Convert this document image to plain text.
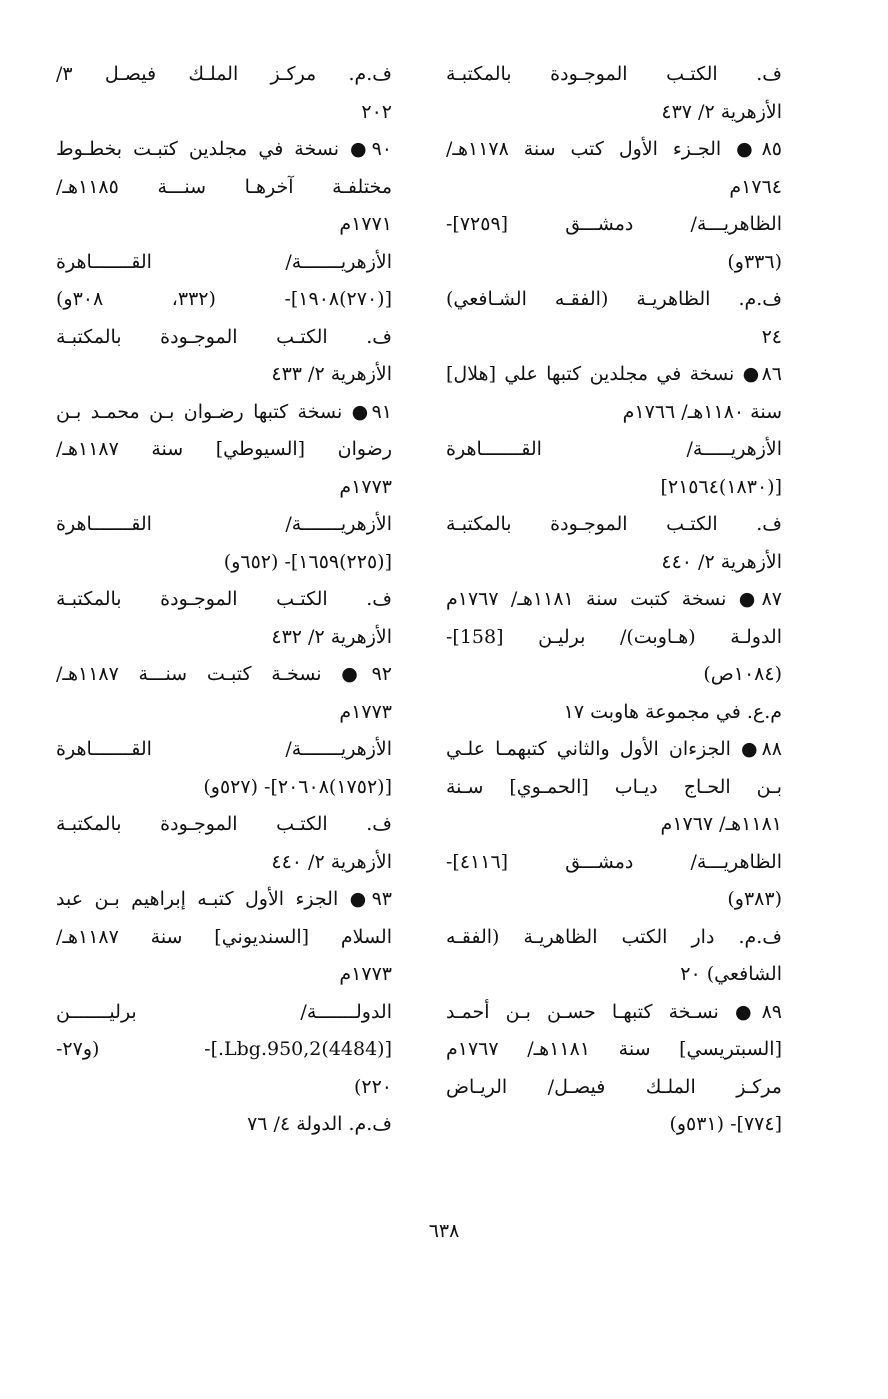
ف. الكتـب الموجـودة بالمكتبـة
الأزهرية ٢/ ٤٣٧
٨٥● الجـزء الأول كتب سنة ١١٧٨هـ/
١٧٦٤م
الظاهريـــة/ دمشـــق [٧٢٥٩]-
(٣٣٦و)
ف.م. الظاهريـة (الفقـه الشـافعي)
٢٤
٨٦● نسخة في مجلدين كتبها علي [هلال]
سنة ١١٨٠هـ/ ١٧٦٦م
الأزهريـــــة/ القـــــــاهرة
[(١٨٣٠)٢١٥٦٤]
ف. الكتـب الموجـودة بالمكتبـة
الأزهرية ٢/ ٤٤٠
٨٧● نسخة كتبت سنة ١١٨١هـ/ ١٧٦٧م
الدولـة (هـاوبت)/ برليـن [158]-
(١٠٨٤ص)
م.ع. في مجموعة هاوبت ١٧
٨٨● الجزءان الأول والثاني كتبهمـا علـي
بـن الحـاج ديـاب [الحمـوي] سـنة
١١٨١هـ/ ١٧٦٧م
الظاهريـــة/ دمشـــق [٤١١٦]-
(٣٨٣و)
ف.م. دار الكتب الظاهريـة (الفقـه
الشافعي) ٢٠
٨٩● نسـخة كتبهـا حسـن بـن أحمـد
[السبتريسي] سنة ١١٨١هـ/ ١٧٦٧م
مركـز الملـك فيصـل/ الريـاض
[٧٧٤]- (٥٣١و)
ف.م. مركـز الملـك فيصـل ٣/
٢٠٢
٩٠● نسخة في مجلدين كتبـت بخطـوط
مختلفـة آخرهـا سنـــة ١١٨٥هـ/
١٧٧١م
الأزهريـــــــة/ القـــــــاهرة
[(٢٧٠)١٩٠٨]- (٣٣٢، ٣٠٨و)
ف. الكتـب الموجـودة بالمكتبـة
الأزهرية ٢/ ٤٣٣
٩١● نسخة كتبها رضـوان بـن محمـد بـن
رضوان [السيوطي] سنة ١١٨٧هـ/
١٧٧٣م
الأزهريـــــــة/ القـــــــاهرة
[(٢٢٥)١٦٥٩]- (٦٥٢و)
ف. الكتـب الموجـودة بالمكتبـة
الأزهرية ٢/ ٤٣٢
٩٢● نسخـة كتبـت سنـــة ١١٨٧هـ/
١٧٧٣م
الأزهريـــــــة/ القـــــــاهرة
[(١٧٥٢)٢٠٦٠٨]- (٥٢٧و)
ف. الكتـب الموجـودة بالمكتبـة
الأزهرية ٢/ ٤٤٠
٩٣● الجزء الأول كتبـه إبراهيم بـن عبد
السلام [السنديوني] سنة ١١٨٧هـ/
١٧٧٣م
الدولـــــــة/ برليـــــــن
[(4484)Lbg.950,2.]- (و٢٧-
٢٢٠)
ف.م. الدولة ٤/ ٧٦
٦٣٨
